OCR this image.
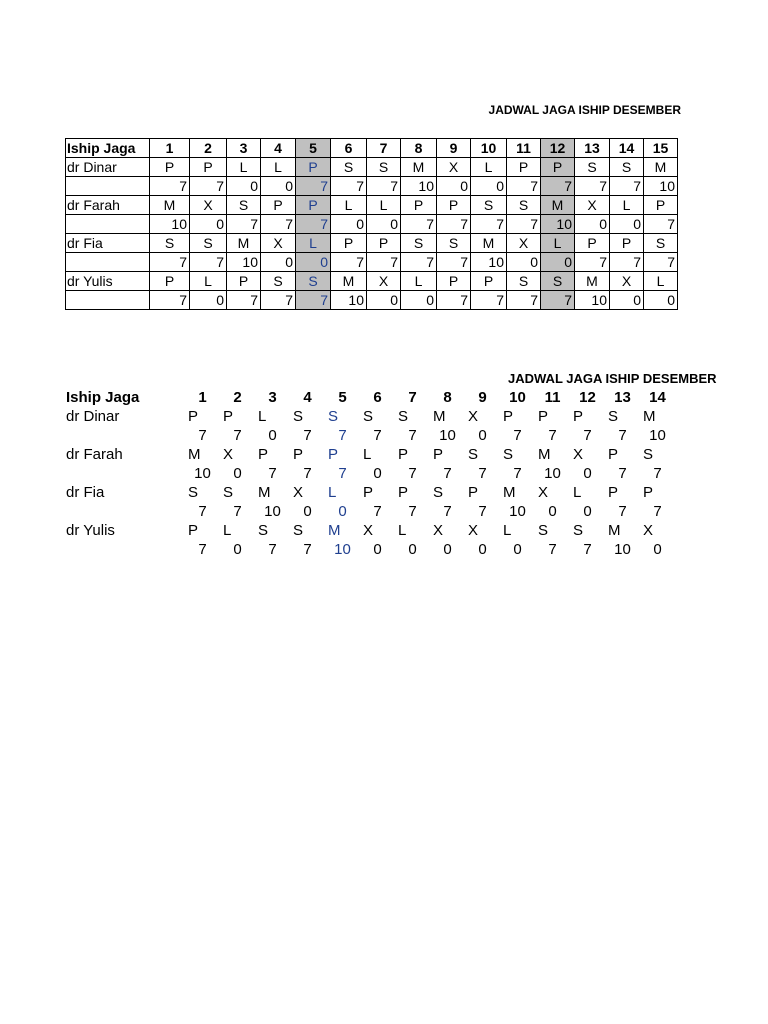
JADWAL JAGA ISHIP DESEMBER
Iship Jaga	1	2	3	4	5	6	7	8	9	10	11	12	13	14	15
dr Dinar	P	P	L	L	P	S	S	M	X	L	P	P	S	S	M
	7	7	0	0	7	7	7	10	0	0	7	7	7	7	10
dr Farah	M	X	S	P	P	L	L	P	P	S	S	M	X	L	P
	10	0	7	7	7	0	0	7	7	7	7	10	0	0	7
dr Fia	S	S	M	X	L	P	P	S	S	M	X	L	P	P	S
	7	7	10	0	0	7	7	7	7	10	0	0	7	7	7
dr Yulis	P	L	P	S	S	M	X	L	P	P	S	S	M	X	L
	7	0	7	7	7	10	0	0	7	7	7	7	10	0	0
JADWAL JAGA ISHIP DESEMBER
Iship Jaga	1	2	3	4	5	6	7	8	9	10	11	12	13	14
dr Dinar	P	P	L	S	S	S	S	M	X	P	P	P	S	M
	7	7	0	7	7	7	7	10	0	7	7	7	7	10
dr Farah	M	X	P	P	P	L	P	P	S	S	M	X	P	S
	10	0	7	7	7	0	7	7	7	7	10	0	7	7
dr Fia	S	S	M	X	L	P	P	S	P	M	X	L	P	P
	7	7	10	0	0	7	7	7	7	10	0	0	7	7
dr Yulis	P	L	S	S	M	X	L	X	X	L	S	S	M	X
	7	0	7	7	10	0	0	0	0	0	7	7	10	0
